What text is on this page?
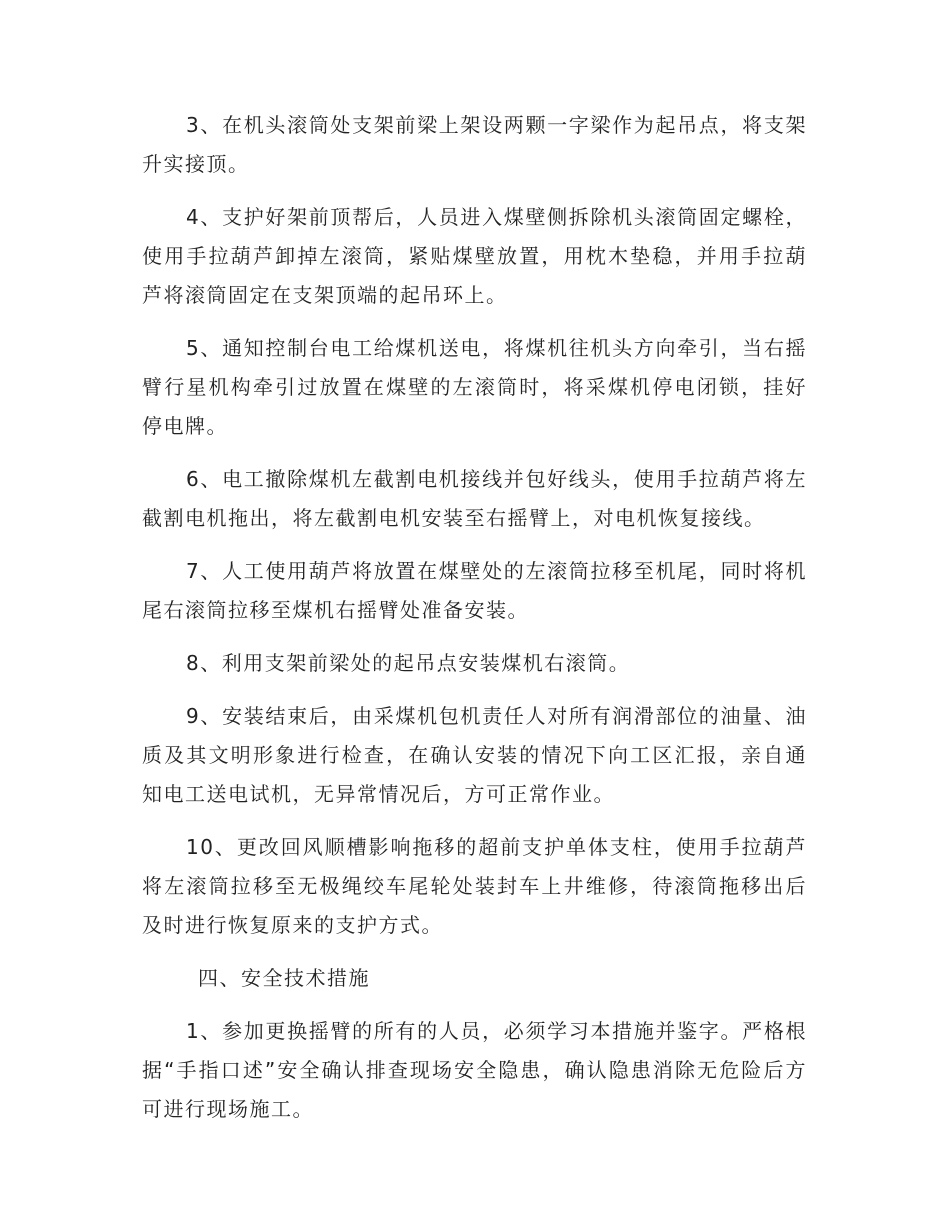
3、在机头滚筒处支架前梁上架设两颗一字梁作为起吊点，将支架升实接顶。

4、支护好架前顶帮后，人员进入煤壁侧拆除机头滚筒固定螺栓，使用手拉葫芦卸掉左滚筒，紧贴煤壁放置，用枕木垫稳，并用手拉葫芦将滚筒固定在支架顶端的起吊环上。

5、通知控制台电工给煤机送电，将煤机往机头方向牵引，当右摇臂行星机构牵引过放置在煤壁的左滚筒时，将采煤机停电闭锁，挂好停电牌。

6、电工撤除煤机左截割电机接线并包好线头，使用手拉葫芦将左截割电机拖出，将左截割电机安装至右摇臂上，对电机恢复接线。

7、人工使用葫芦将放置在煤壁处的左滚筒拉移至机尾，同时将机尾右滚筒拉移至煤机右摇臂处准备安装。

8、利用支架前梁处的起吊点安装煤机右滚筒。

9、安装结束后，由采煤机包机责任人对所有润滑部位的油量、油质及其文明形象进行检查，在确认安装的情况下向工区汇报，亲自通知电工送电试机，无异常情况后，方可正常作业。

10、更改回风顺槽影响拖移的超前支护单体支柱，使用手拉葫芦将左滚筒拉移至无极绳绞车尾轮处装封车上井维修，待滚筒拖移出后及时进行恢复原来的支护方式。

四、安全技术措施

1、参加更换摇臂的所有的人员，必须学习本措施并鉴字。严格根据“手指口述”安全确认排查现场安全隐患，确认隐患消除无危险后方可进行现场施工。
